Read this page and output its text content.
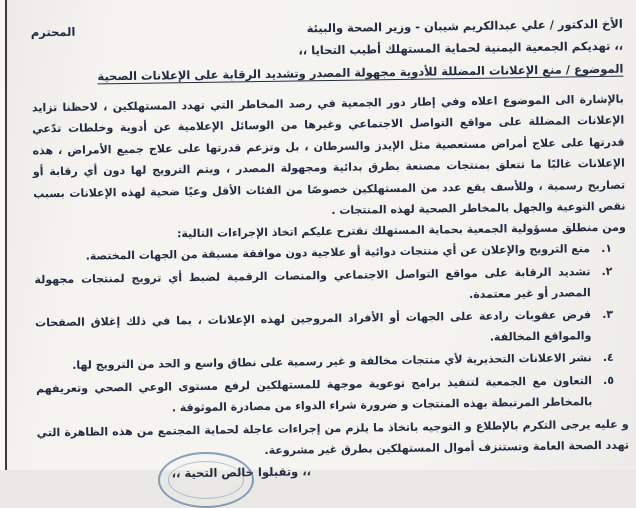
الأخ الدكتور / علي عبدالكريم شيبان - وزير الصحة والبيئة
المحترم
،، تهديكم الجمعية اليمنية لحماية المستهلك أطيب التحايا ،،
الموضوع / منع الإعلانات المضللة للأدوية مجهولة المصدر وتشديد الرقابة على الإعلانات الصحية
بالإشارة الى الموضوع اعلاه وفي إطار دور الجمعية في رصد المخاطر التي تهدد المستهلكين ، لاحظنا تزايد الإعلانات المضللة على مواقع التواصل الاجتماعي وغيرها من الوسائل الإعلامية عن أدوية وخلطات تدّعي قدرتها على علاج أمراض مستعصية مثل الإيدز والسرطان ، بل وتزعم قدرتها على علاج جميع الأمراض ، هذه الإعلانات غالبًا ما تتعلق بمنتجات مصنعة بطرق بدائية ومجهولة المصدر ، ويتم الترويج لها دون أي رقابة أو تصاريح رسمية ، وللأسف يقع عدد من المستهلكين خصوصًا من الفئات الأقل وعيًا ضحية لهذه الإعلانات بسبب نقص التوعية والجهل بالمخاطر الصحية لهذه المنتجات .
ومن منطلق مسؤولية الجمعية بحماية المستهلك نقترح عليكم اتخاذ الإجراءات التالية:
١.
منع الترويج والإعلان عن أي منتجات دوائية أو علاجية دون موافقة مسبقة من الجهات المختصة.
٢.
تشديد الرقابة على مواقع التواصل الاجتماعي والمنصات الرقمية لضبط أي ترويج لمنتجات مجهولة المصدر أو غير معتمدة.
٣.
فرض عقوبات رادعة على الجهات أو الأفراد المروجين لهذه الإعلانات ، بما في ذلك إغلاق الصفحات والمواقع المخالفة.
٤.
نشر الاعلانات التحذيرية لأي منتجات مخالفة و غير رسمية على نطاق واسع و الحد من الترويج لها.
٥.
التعاون مع الجمعية لتنفيذ برامج توعوية موجهة للمستهلكين لرفع مستوى الوعي الصحي وتعريفهم بالمخاطر المرتبطة بهذه المنتجات و ضرورة شراء الدواء من مصادرة الموثوقة .
و عليه يرجى التكرم بالإطلاع و التوجيه باتخاذ ما يلزم من إجراءات عاجلة لحماية المجتمع من هذه الظاهرة التي تهدد الصحة العامة وتستنزف أموال المستهلكين بطرق غير مشروعة.
،، وتقبلوا خالص التحية ،،
